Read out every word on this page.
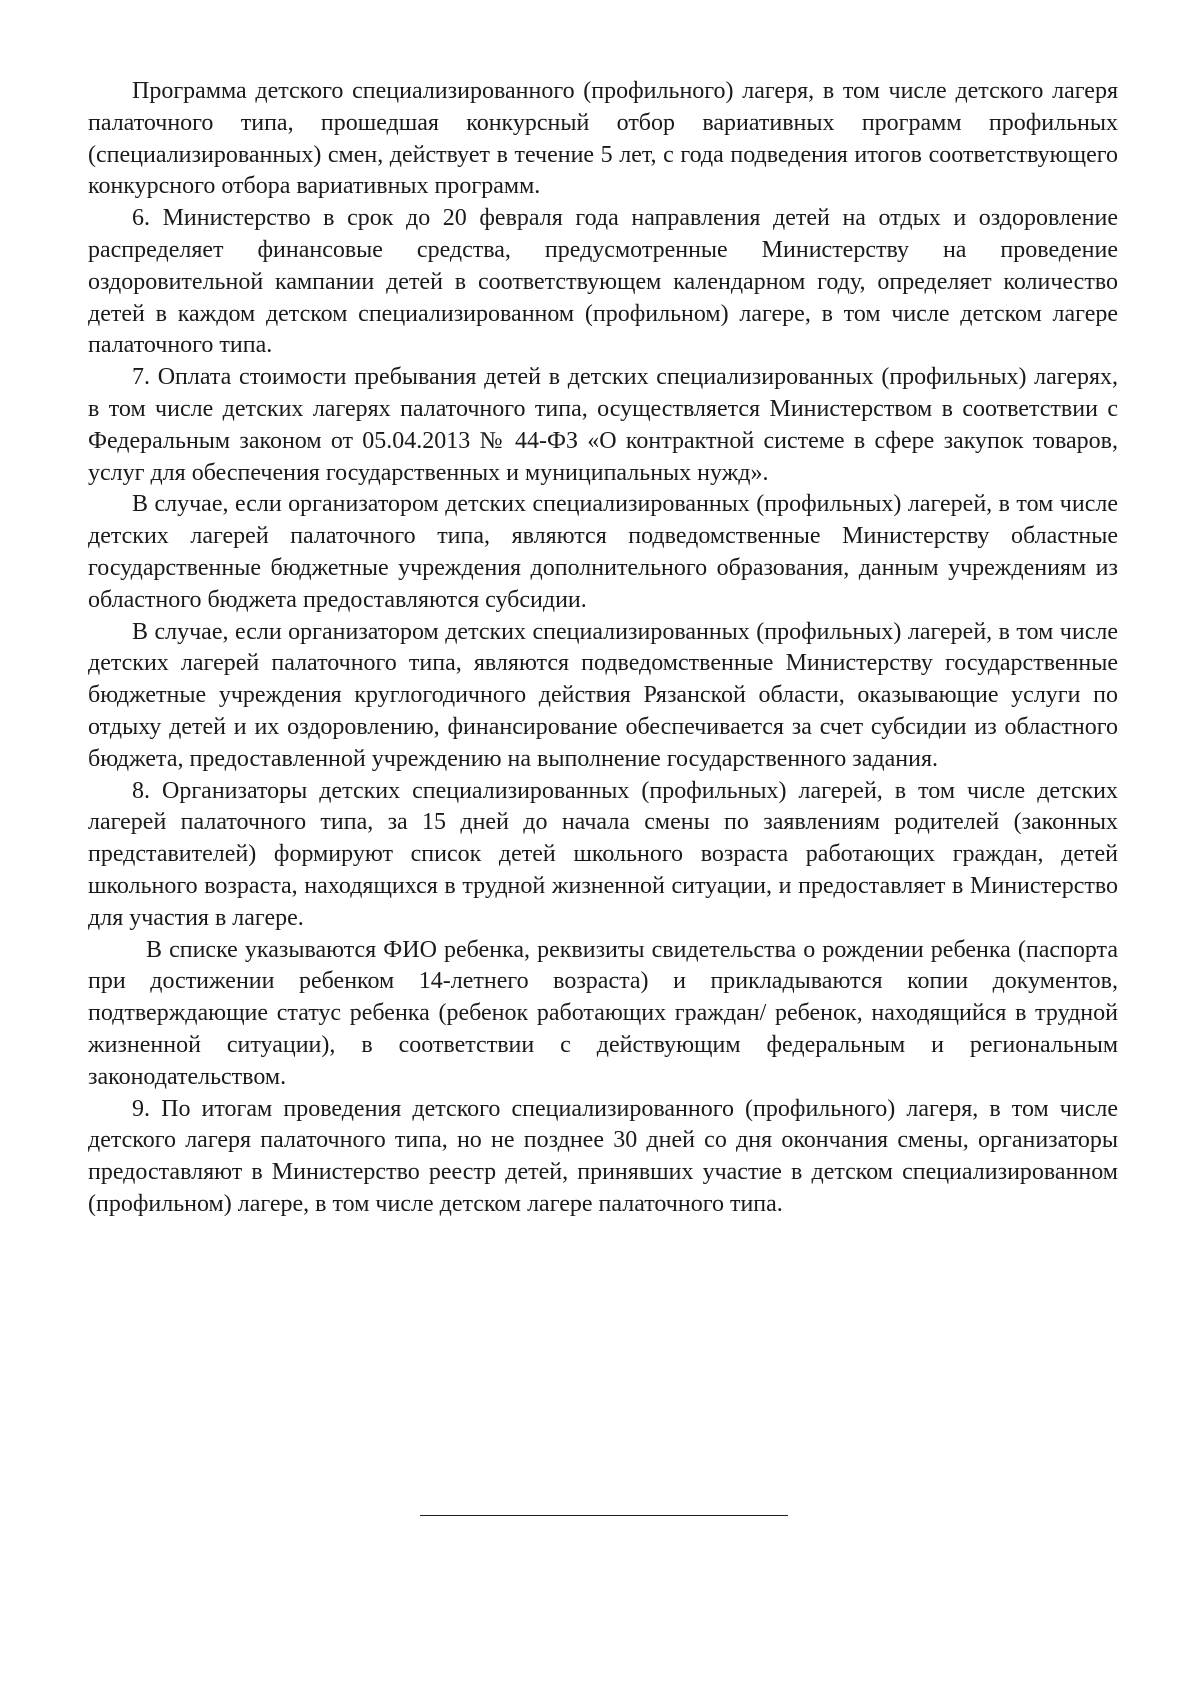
Программа детского специализированного (профильного) лагеря, в том числе детского лагеря палаточного типа, прошедшая конкурсный отбор вариативных программ профильных (специализированных) смен, действует в течение 5 лет, с года подведения итогов соответствующего конкурсного отбора вариативных программ.

6. Министерство в срок до 20 февраля года направления детей на отдых и оздоровление распределяет финансовые средства, предусмотренные Министерству на проведение оздоровительной кампании детей в соответствующем календарном году, определяет количество детей в каждом детском специализированном (профильном) лагере, в том числе детском лагере палаточного типа.

7. Оплата стоимости пребывания детей в детских специализированных (профильных) лагерях, в том числе детских лагерях палаточного типа, осуществляется Министерством в соответствии с Федеральным законом от 05.04.2013 № 44-ФЗ «О контрактной системе в сфере закупок товаров, услуг для обеспечения государственных и муниципальных нужд».

В случае, если организатором детских специализированных (профильных) лагерей, в том числе детских лагерей палаточного типа, являются подведомственные Министерству областные государственные бюджетные учреждения дополнительного образования, данным учреждениям из областного бюджета предоставляются субсидии.

В случае, если организатором детских специализированных (профильных) лагерей, в том числе детских лагерей палаточного типа, являются подведомственные Министерству государственные бюджетные учреждения круглогодичного действия Рязанской области, оказывающие услуги по отдыху детей и их оздоровлению, финансирование обеспечивается за счет субсидии из областного бюджета, предоставленной учреждению на выполнение государственного задания.

8. Организаторы детских специализированных (профильных) лагерей, в том числе детских лагерей палаточного типа, за 15 дней до начала смены по заявлениям родителей (законных представителей) формируют список детей школьного возраста работающих граждан, детей школьного возраста, находящихся в трудной жизненной ситуации, и предоставляет в Министерство для участия в лагере.

В списке указываются ФИО ребенка, реквизиты свидетельства о рождении ребенка (паспорта при достижении ребенком 14-летнего возраста) и прикладываются копии документов, подтверждающие статус ребенка (ребенок работающих граждан/ ребенок, находящийся в трудной жизненной ситуации), в соответствии с действующим федеральным и региональным законодательством.

9. По итогам проведения детского специализированного (профильного) лагеря, в том числе детского лагеря палаточного типа, но не позднее 30 дней со дня окончания смены, организаторы предоставляют в Министерство реестр детей, принявших участие в детском специализированном (профильном) лагере, в том числе детском лагере палаточного типа.
